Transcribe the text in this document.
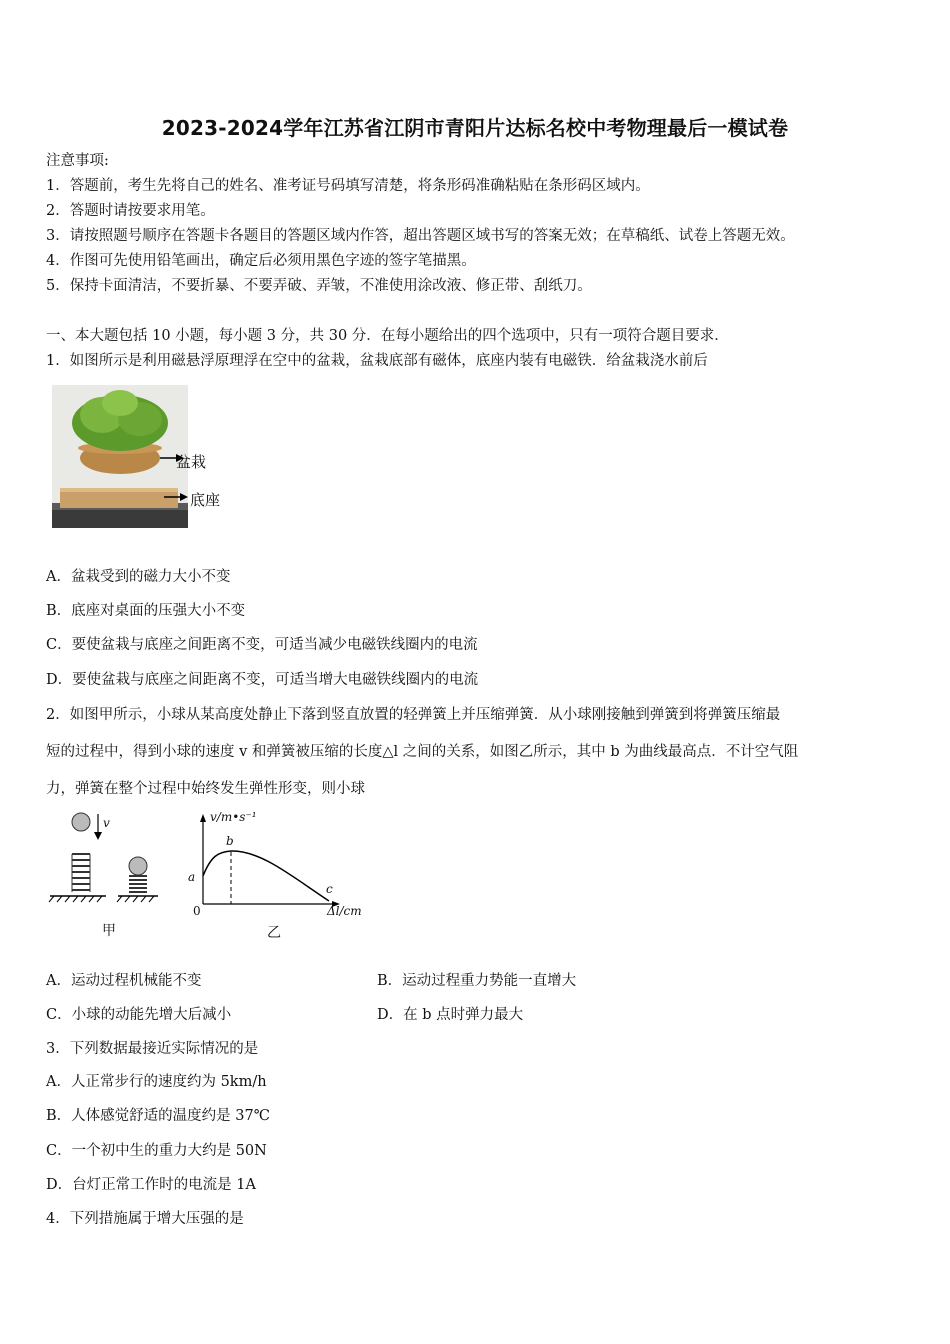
2023-2024学年江苏省江阴市青阳片达标名校中考物理最后一模试卷
注意事项:
1．答题前，考生先将自己的姓名、准考证号码填写清楚，将条形码准确粘贴在条形码区域内。
2．答题时请按要求用笔。
3．请按照题号顺序在答题卡各题目的答题区域内作答，超出答题区域书写的答案无效；在草稿纸、试卷上答题无效。
4．作图可先使用铅笔画出，确定后必须用黑色字迹的签字笔描黑。
5．保持卡面清洁，不要折暴、不要弄破、弄皱，不准使用涂改液、修正带、刮纸刀。
一、本大题包括 10 小题，每小题 3 分，共 30 分．在每小题给出的四个选项中，只有一项符合题目要求．
1．如图所示是利用磁悬浮原理浮在空中的盆栽，盆栽底部有磁体，底座内装有电磁铁．给盆栽浇水前后
盆栽
底座
A．盆栽受到的磁力大小不变
B．底座对桌面的压强大小不变
C．要使盆栽与底座之间距离不变，可适当减少电磁铁线圈内的电流
D．要使盆栽与底座之间距离不变，可适当增大电磁铁线圈内的电流
2．如图甲所示，小球从某高度处静止下落到竖直放置的轻弹簧上并压缩弹簧．从小球刚接触到弹簧到将弹簧压缩最
短的过程中，得到小球的速度 v 和弹簧被压缩的长度△l 之间的关系，如图乙所示，其中 b 为曲线最高点．不计空气阻
力，弹簧在整个过程中始终发生弹性形变，则小球
v	v/m•s⁻¹
Δl/cm
0
a
b
c
甲	乙
A．运动过程机械能不变	B．运动过程重力势能一直增大
C．小球的动能先增大后减小	D．在 b 点时弹力最大
3．下列数据最接近实际情况的是
A．人正常步行的速度约为 5km/h
B．人体感觉舒适的温度约是 37℃
C．一个初中生的重力大约是 50N
D．台灯正常工作时的电流是 1A
4．下列措施属于增大压强的是
